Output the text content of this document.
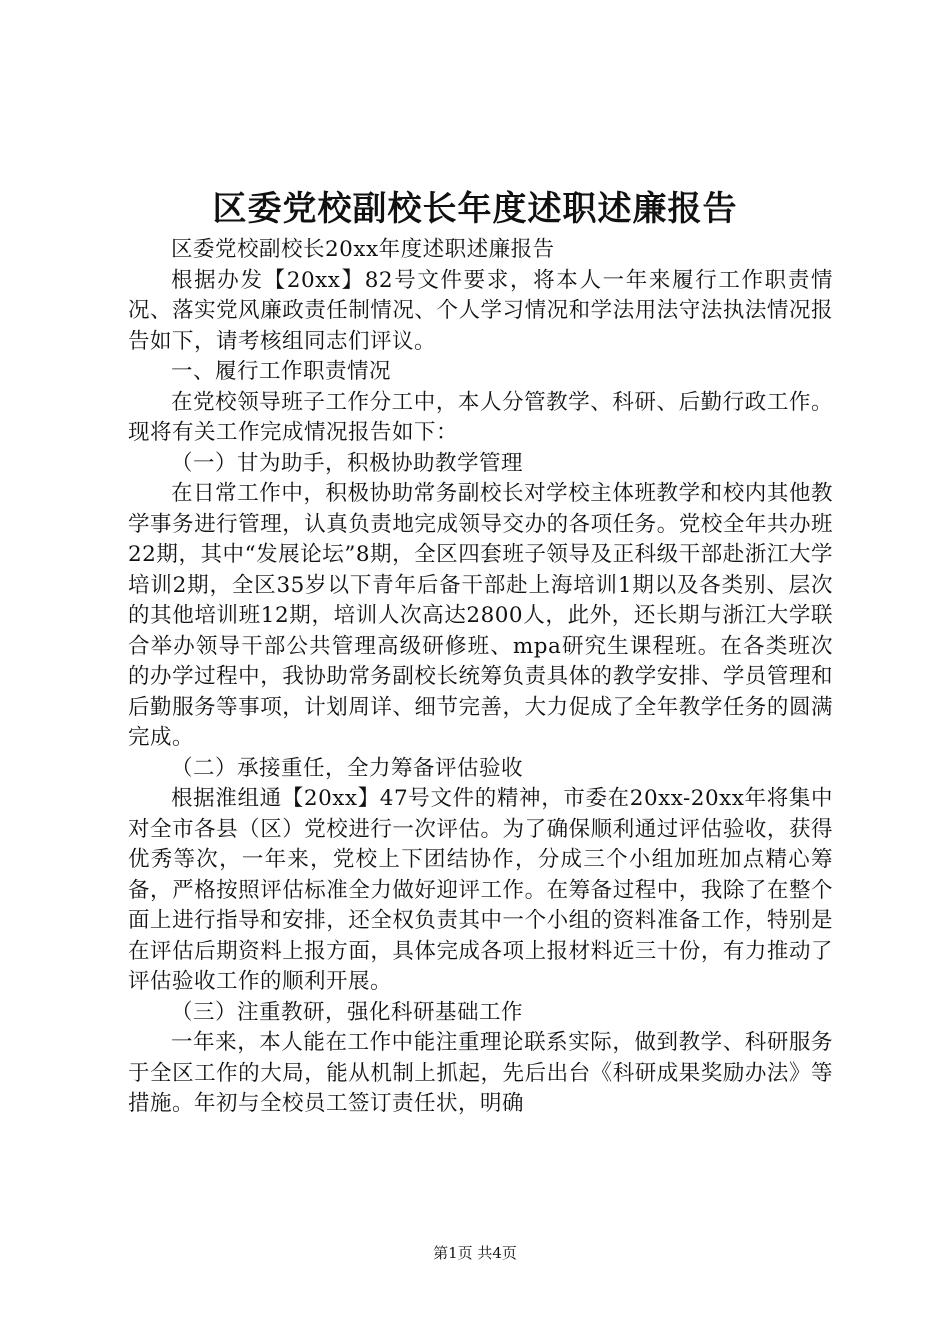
区委党校副校长年度述职述廉报告

区委党校副校长20xx年度述职述廉报告

根据办发【20xx】82号文件要求，将本人一年来履行工作职责情况、落实党风廉政责任制情况、个人学习情况和学法用法守法执法情况报告如下，请考核组同志们评议。

一、履行工作职责情况

在党校领导班子工作分工中，本人分管教学、科研、后勤行政工作。现将有关工作完成情况报告如下：

（一）甘为助手，积极协助教学管理

在日常工作中，积极协助常务副校长对学校主体班教学和校内其他教学事务进行管理，认真负责地完成领导交办的各项任务。党校全年共办班22期，其中“发展论坛”8期，全区四套班子领导及正科级干部赴浙江大学培训2期，全区35岁以下青年后备干部赴上海培训1期以及各类别、层次的其他培训班12期，培训人次高达2800人，此外，还长期与浙江大学联合举办领导干部公共管理高级研修班、mpa研究生课程班。在各类班次的办学过程中，我协助常务副校长统筹负责具体的教学安排、学员管理和后勤服务等事项，计划周详、细节完善，大力促成了全年教学任务的圆满完成。

（二）承接重任，全力筹备评估验收

根据淮组通【20xx】47号文件的精神，市委在20xx-20xx年将集中对全市各县（区）党校进行一次评估。为了确保顺利通过评估验收，获得优秀等次，一年来，党校上下团结协作，分成三个小组加班加点精心筹备，严格按照评估标准全力做好迎评工作。在筹备过程中，我除了在整个面上进行指导和安排，还全权负责其中一个小组的资料准备工作，特别是在评估后期资料上报方面，具体完成各项上报材料近三十份，有力推动了评估验收工作的顺利开展。

（三）注重教研，强化科研基础工作

一年来，本人能在工作中能注重理论联系实际，做到教学、科研服务于全区工作的大局，能从机制上抓起，先后出台《科研成果奖励办法》等措施。年初与全校员工签订责任状，明确

第1页 共4页
